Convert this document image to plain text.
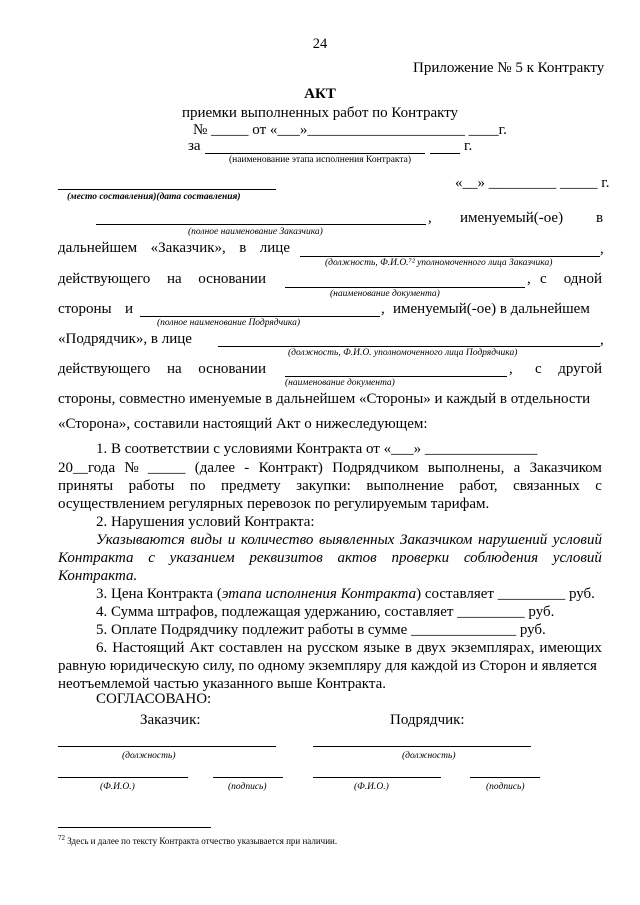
24
Приложение № 5 к Контракту
АКТ
приемки выполненных работ по Контракту
№ _____ от «___»_____________________ ____г.
за	г.
(наименование этапа исполнения Контракта)
«__» _________ _____ г.
(место составления)(дата составления)
, именуемый(-ое) в
(полное наименование Заказчика)
дальнейшем «Заказчик», в лице	,
(должность, Ф.И.О.⁷² уполномоченного лица Заказчика)
действующего на основании	, с одной
(наименование документа)
стороны и	, именуемый(-ое) в дальнейшем
(полное наименование Подрядчика)
«Подрядчик», в лице	,
(должность, Ф.И.О. уполномоченного лица Подрядчика)
действующего на основании	, с другой
(наименование документа)
стороны, совместно именуемые в дальнейшем «Стороны» и каждый в отдельности
«Сторона», составили настоящий Акт о нижеследующем:
1. В соответствии с условиями Контракта от «___» _______________
20__года № _____ (далее - Контракт) Подрядчиком выполнены, а Заказчиком
приняты работы по предмету закупки: выполнение работ, связанных с
осуществлением регулярных перевозок по регулируемым тарифам.
2. Нарушения условий Контракта:
Указываются виды и количество выявленных Заказчиком нарушений условий
Контракта с указанием реквизитов актов проверки соблюдения условий
Контракта.
3. Цена Контракта (этапа исполнения Контракта) составляет _________ руб.
4. Сумма штрафов, подлежащая удержанию, составляет _________ руб.
5. Оплате Подрядчику подлежит работы в сумме ______________ руб.
6. Настоящий Акт составлен на русском языке в двух экземплярах, имеющих
равную юридическую силу, по одному экземпляру для каждой из Сторон и является
неотъемлемой частью указанного выше Контракта.
СОГЛАСОВАНО:
Заказчик:	Подрядчик:
(должность)	(должность)
(Ф.И.О.)	(подпись)	(Ф.И.О.)	(подпись)
$^{72}$ Здесь и далее по тексту Контракта отчество указывается при наличии.
